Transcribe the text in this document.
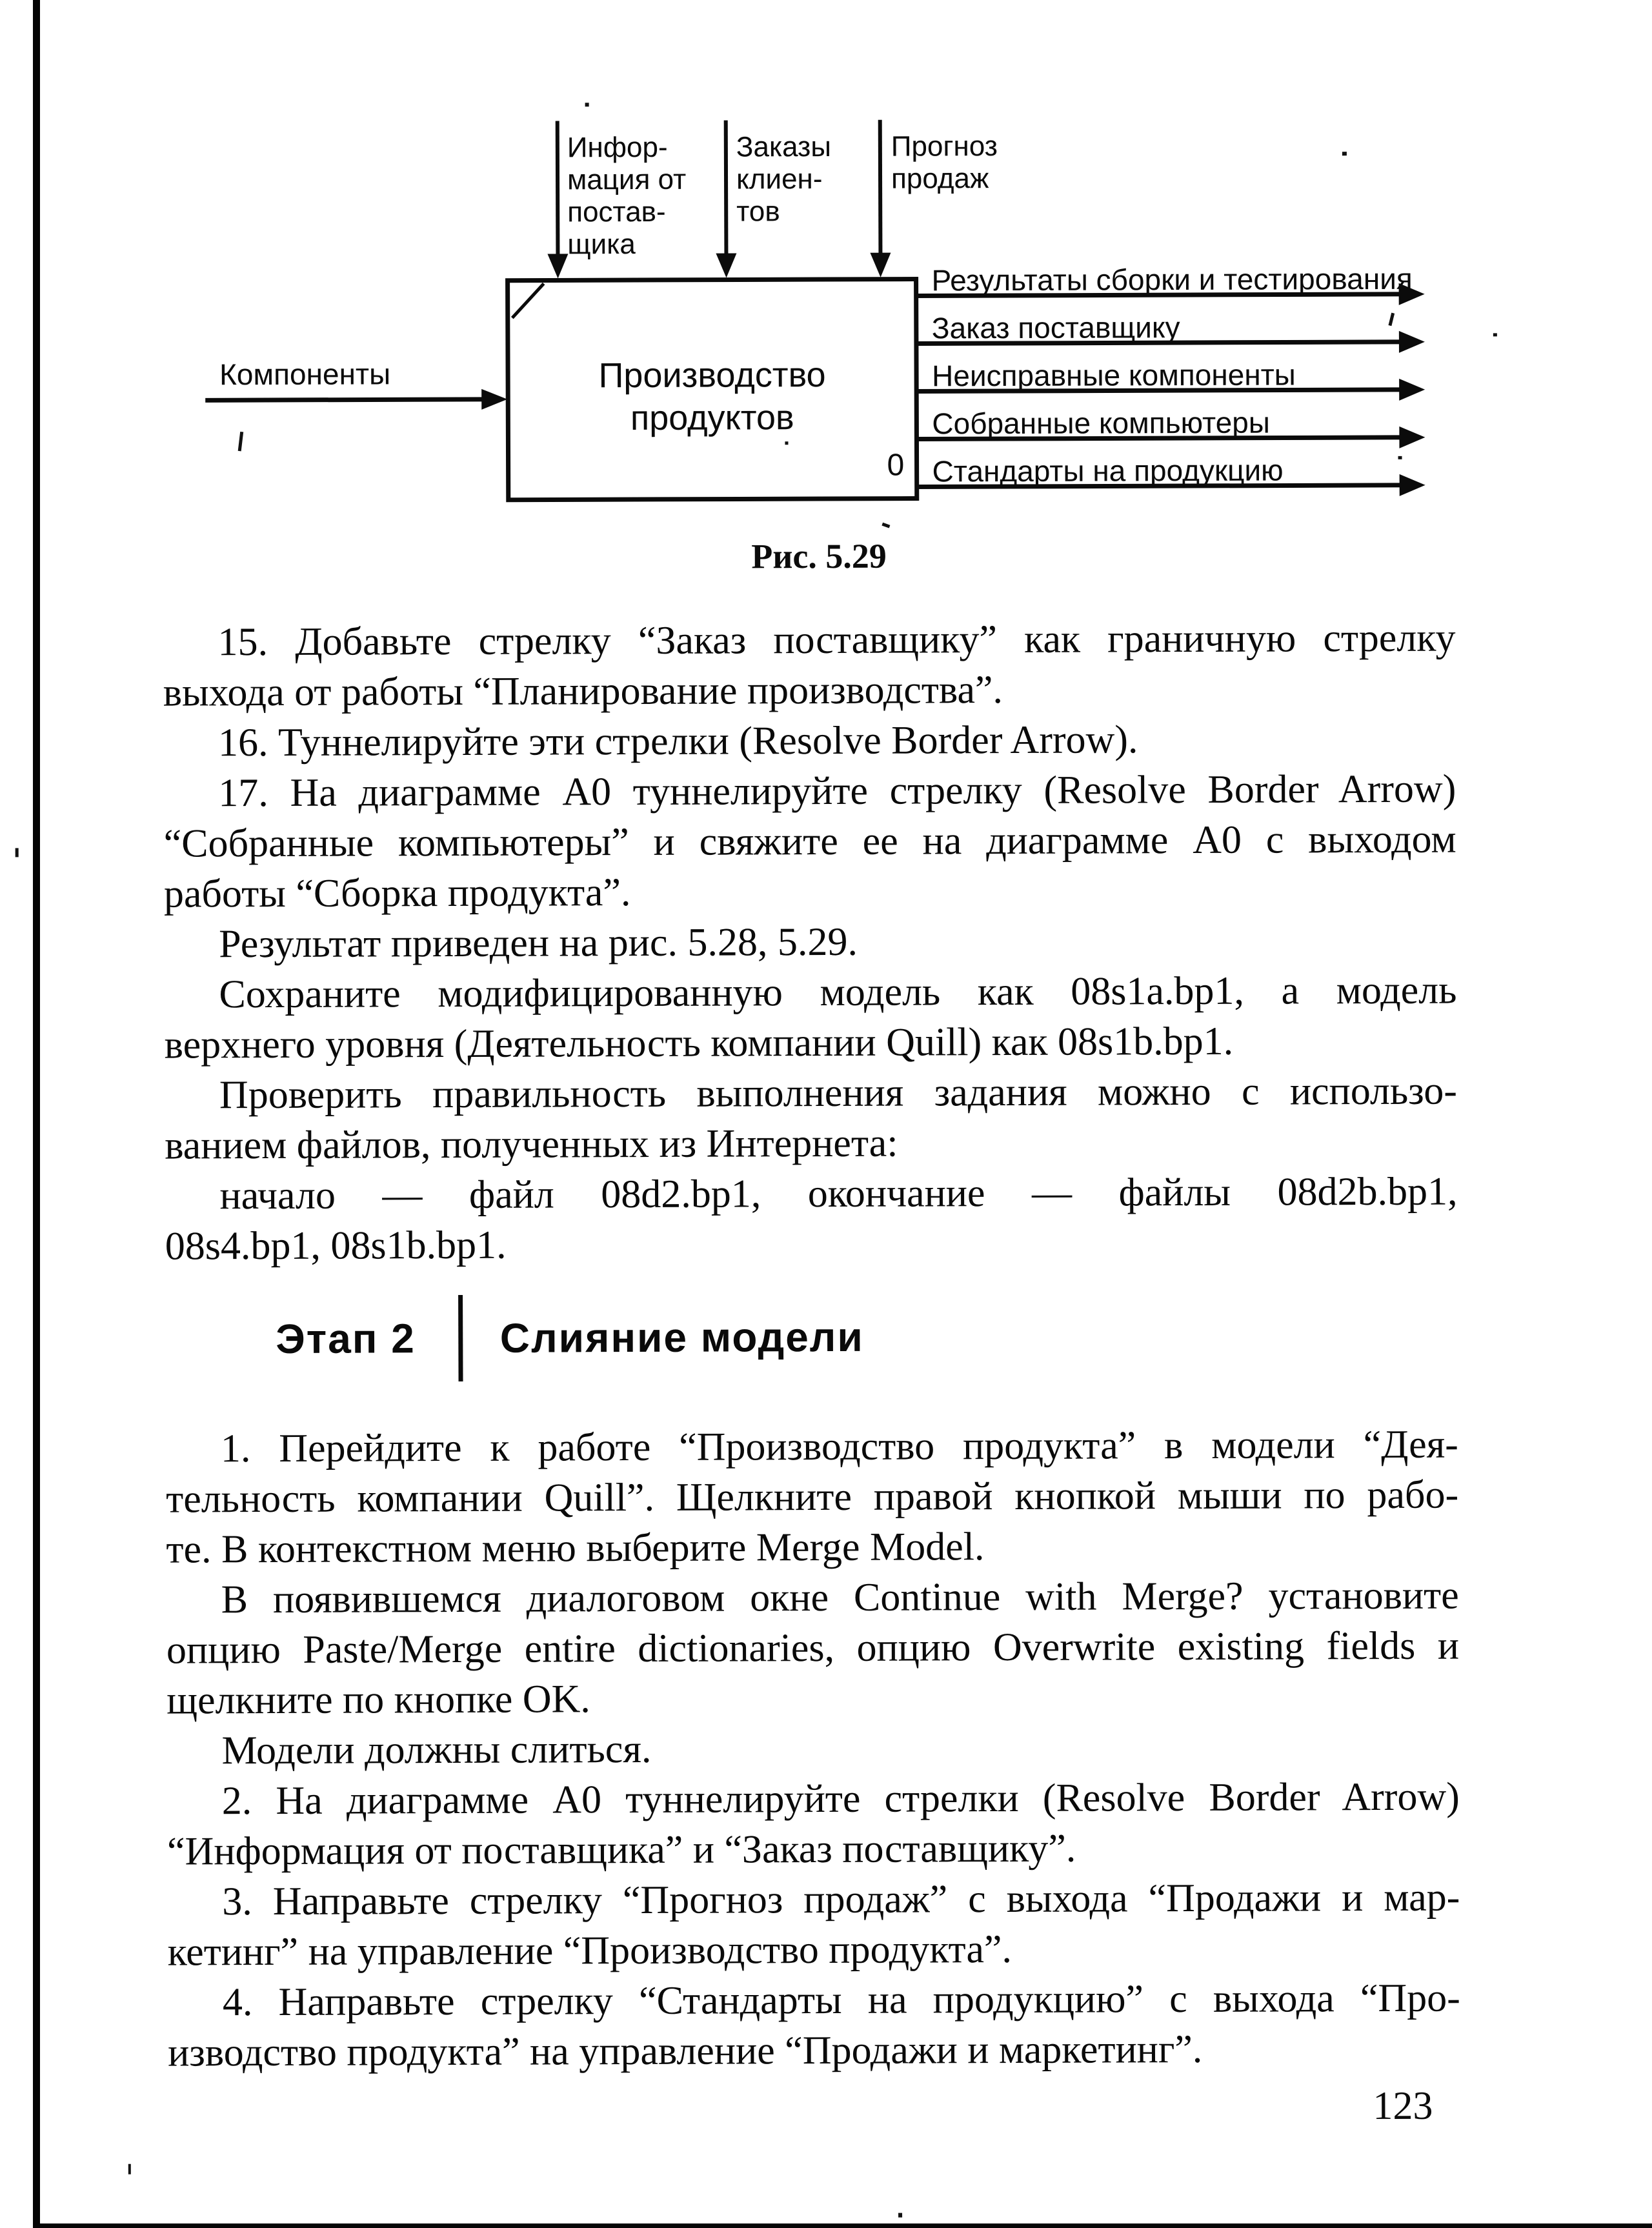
Инфор-
мация от
постав-
щика
Заказы
клиен-
тов
Прогноз
продаж
Компоненты	Производство
продуктов
0
Результаты сборки и тестирования
Заказ поставщику
Неисправные компоненты
Собранные компьютеры
Стандарты на продукцию
Рис. 5.29
15. Добавьте стрелку “Заказ поставщику” как граничную стрелку
выхода от работы “Планирование производства”.
16. Туннелируйте эти стрелки (Resolve Border Arrow).
17. На диаграмме А0 туннелируйте стрелку (Resolve Border Arrow)
“Собранные компьютеры” и свяжите ее на диаграмме А0 с выходом
работы “Сборка продукта”.
Результат приведен на рис. 5.28, 5.29.
Сохраните модифицированную модель как 08s1a.bp1, а модель
верхнего уровня (Деятельность компании Quill) как 08s1b.bp1.
Проверить правильность выполнения задания можно с использо-
ванием файлов, полученных из Интернета:
начало — файл 08d2.bp1, окончание — файлы 08d2b.bp1,
08s4.bp1, 08s1b.bp1.
Этап 2 Слияние модели
1. Перейдите к работе “Производство продукта” в модели “Дея-
тельность компании Quill”. Щелкните правой кнопкой мыши по рабо-
те. В контекстном меню выберите Merge Model.
В появившемся диалоговом окне Continue with Merge? установите
опцию Paste/Merge entire dictionaries, опцию Overwrite existing fields и
щелкните по кнопке OK.
Модели должны слиться.
2. На диаграмме А0 туннелируйте стрелки (Resolve Border Arrow)
“Информация от поставщика” и “Заказ поставщику”.
3. Направьте стрелку “Прогноз продаж” с выхода “Продажи и мар-
кетинг” на управление “Производство продукта”.
4. Направьте стрелку “Стандарты на продукцию” с выхода “Про-
изводство продукта” на управление “Продажи и маркетинг”.
123
